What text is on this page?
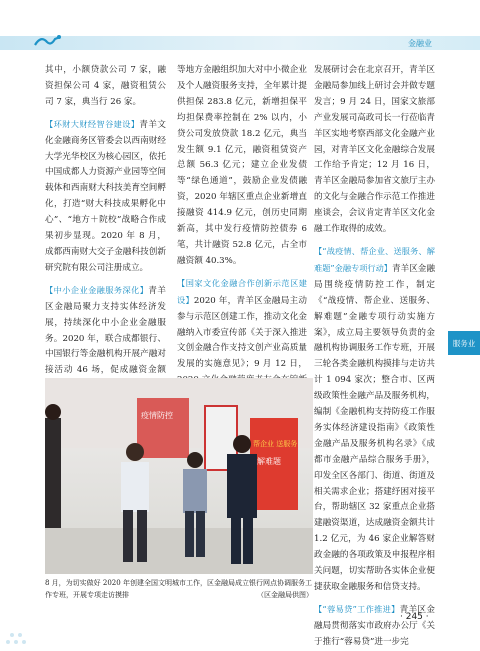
金融业

其中，小额贷款公司 7 家，融资担保公司 4 家，融资租赁公司 7 家，典当行 26 家。

【环财大财经智谷建设】青羊文化金融商务区管委会以西南财经大学光华校区为核心园区，依托中国成都人力资源产业园等空间载体和西南财大科技美育空间孵化，打造“财大科技成果孵化中心”、“地方＋院校”战略合作成果初步显现。2020 年 8 月，成都西南财大交子金融科技创新研究院有限公司注册成立。

【中小企业金融服务深化】青羊区金融局聚力支持实体经济发展，持续深化中小企业金融服务。2020 年，联合成都银行、中国银行等金融机构开展产融对接活动 46 场，促成融资金额

等地方金融组织加大对中小微企业及个人融资服务支持，全年累计提供担保 283.8 亿元，新增担保平均担保费率控制在 2% 以内，小贷公司发放贷款 18.2 亿元，典当发生额 9.1 亿元，融资租赁资产总额 56.3 亿元；建立企业发债等“绿色通道”，鼓励企业发债融资，2020 年辖区重点企业新增直接融资 414.9 亿元，创历史同期新高，其中发行疫情防控债券 6 笔，共计融资 52.8 亿元，占全市融资额 40.3%。

【国家文化金融合作创新示范区建设】2020 年，青羊区金融局主动参与示范区创建工作，推动文化金融纳入市委宣传部《关于深入推进文创金融合作支持文创产业高质量发展的实施意见》；9 月 12 日，

发展研讨会在北京召开，青羊区金融局参加线上研讨会并做专题发言；9 月 24 日，国家文旅部产业发展司高政司长一行莅临青羊区实地考察西部文化金融产业园，对青羊区文化金融综合发展工作给予肯定；12 月 16 日，青羊区金融局参加省文旅厅主办的文化与金融合作示范工作推进座谈会，会议肯定青羊区文化金融工作取得的成效。

【“战疫情、帮企业、送服务、解难题”金融专项行动】青羊区金融局围绕疫情防控工作，制定《“战疫情、帮企业、送服务、解难题”金融专项行动实施方案》，成立局主要领导负责的金融机构协调服务工作专班，开展三轮各类金融机构摸排与走访共计 1 094 家次；整合市、区两级政策性金融产品及服务机构，编制《金融机构支持防疫工作服务实体经济建设指南》《政策性金融产品及服务机构名录》《成都市金融产品综合服务手册》，印发全区各部门、街道、街道及相关需求企业；搭建纾困对接平台，帮助辖区 32 家重点企业搭建融资渠道，达成融资金额共计 1.2 亿元，为 46 家企业解答财政金融的各项政策及申报程序相关问题，切实帮助各实体企业便捷获取金融服务和信贷支持。

【“蓉易贷”工作推进】青羊区金融局贯彻落实市政府办公厅《关于推行“蓉易贷”进一步完

疫情防控
帮企业 送服务
解难题
8 月，为切实做好 2020 年创建全国文明城市工作，区金融局成立银行网点协调服务工作专班，开展专项走访摸排	（区金融局供图）
服务业
· 245 ·
